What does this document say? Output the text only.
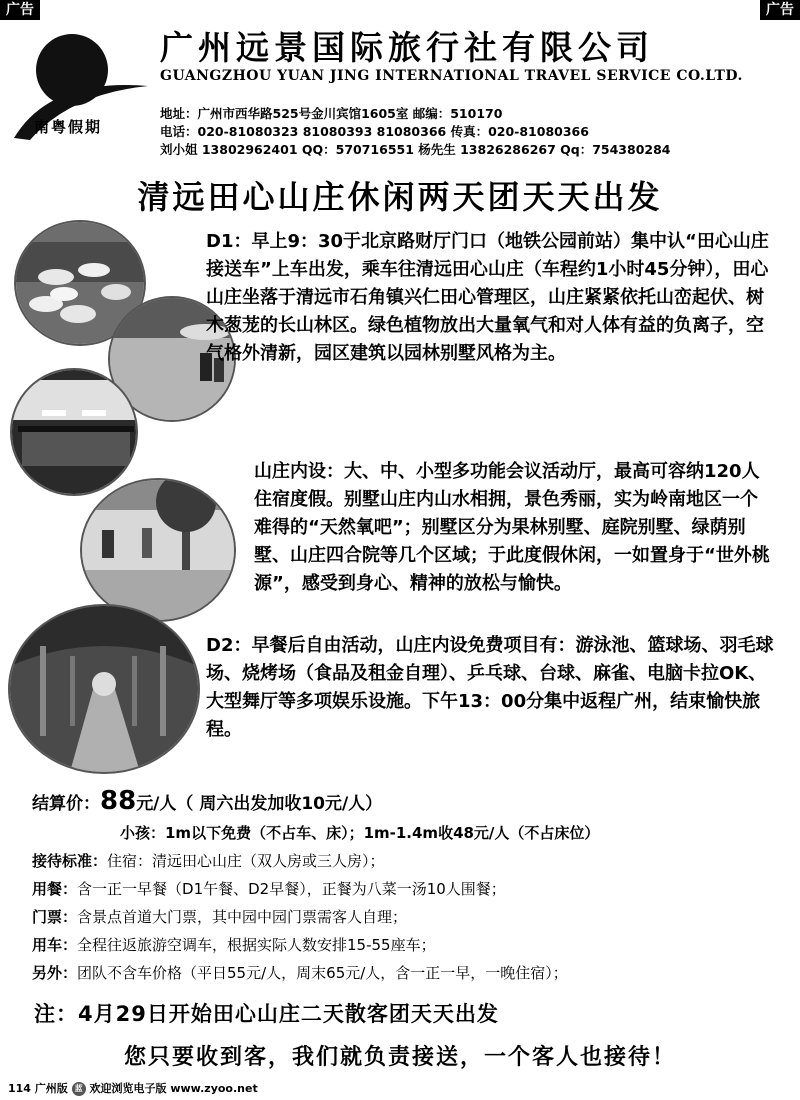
广告	广告
南粤假期
广州远景国际旅行社有限公司
GUANGZHOU YUAN JING INTERNATIONAL TRAVEL SERVICE CO.LTD.
地址：广州市西华路525号金川宾馆1605室 邮编：510170
电话：020-81080323 81080393 81080366 传真：020-81080366
刘小姐 13802962401 QQ：570716551 杨先生 13826286267 Qq：754380284
清远田心山庄休闲两天团天天出发
D1：早上9：30于北京路财厅门口（地铁公园前站）集中认“田心山庄接送车”上车出发，乘车往清远田心山庄（车程约1小时45分钟），田心山庄坐落于清远市石角镇兴仁田心管理区，山庄紧紧依托山峦起伏、树木葱茏的长山林区。绿色植物放出大量氧气和对人体有益的负离子，空气格外清新，园区建筑以园林别墅风格为主。
山庄内设：大、中、小型多功能会议活动厅，最高可容纳120人住宿度假。别墅山庄内山水相拥，景色秀丽，实为岭南地区一个难得的“天然氧吧”；别墅区分为果林别墅、庭院别墅、绿荫别墅、山庄四合院等几个区域；于此度假休闲，一如置身于“世外桃源”，感受到身心、精神的放松与愉快。
D2：早餐后自由活动，山庄内设免费项目有：游泳池、篮球场、羽毛球场、烧烤场（食品及租金自理）、乒乓球、台球、麻雀、电脑卡拉OK、大型舞厅等多项娱乐设施。下午13：00分集中返程广州，结束愉快旅程。
结算价：88元/人（ 周六出发加收10元/人）
小孩：1m以下免费（不占车、床）；1m-1.4m收48元/人（不占床位）
接待标准：住宿：清远田心山庄（双人房或三人房）；
用餐：含一正一早餐（D1午餐、D2早餐），正餐为八菜一汤10人围餐；
门票：含景点首道大门票，其中园中园门票需客人自理；
用车：全程往返旅游空调车，根据实际人数安排15-55座车；
另外：团队不含车价格（平日55元/人，周末65元/人，含一正一早，一晚住宿）；
注：4月29日开始田心山庄二天散客团天天出发
您只要收到客，我们就负责接送，一个客人也接待！
114 广州版 蓝 欢迎浏览电子版 www.zyoo.net
